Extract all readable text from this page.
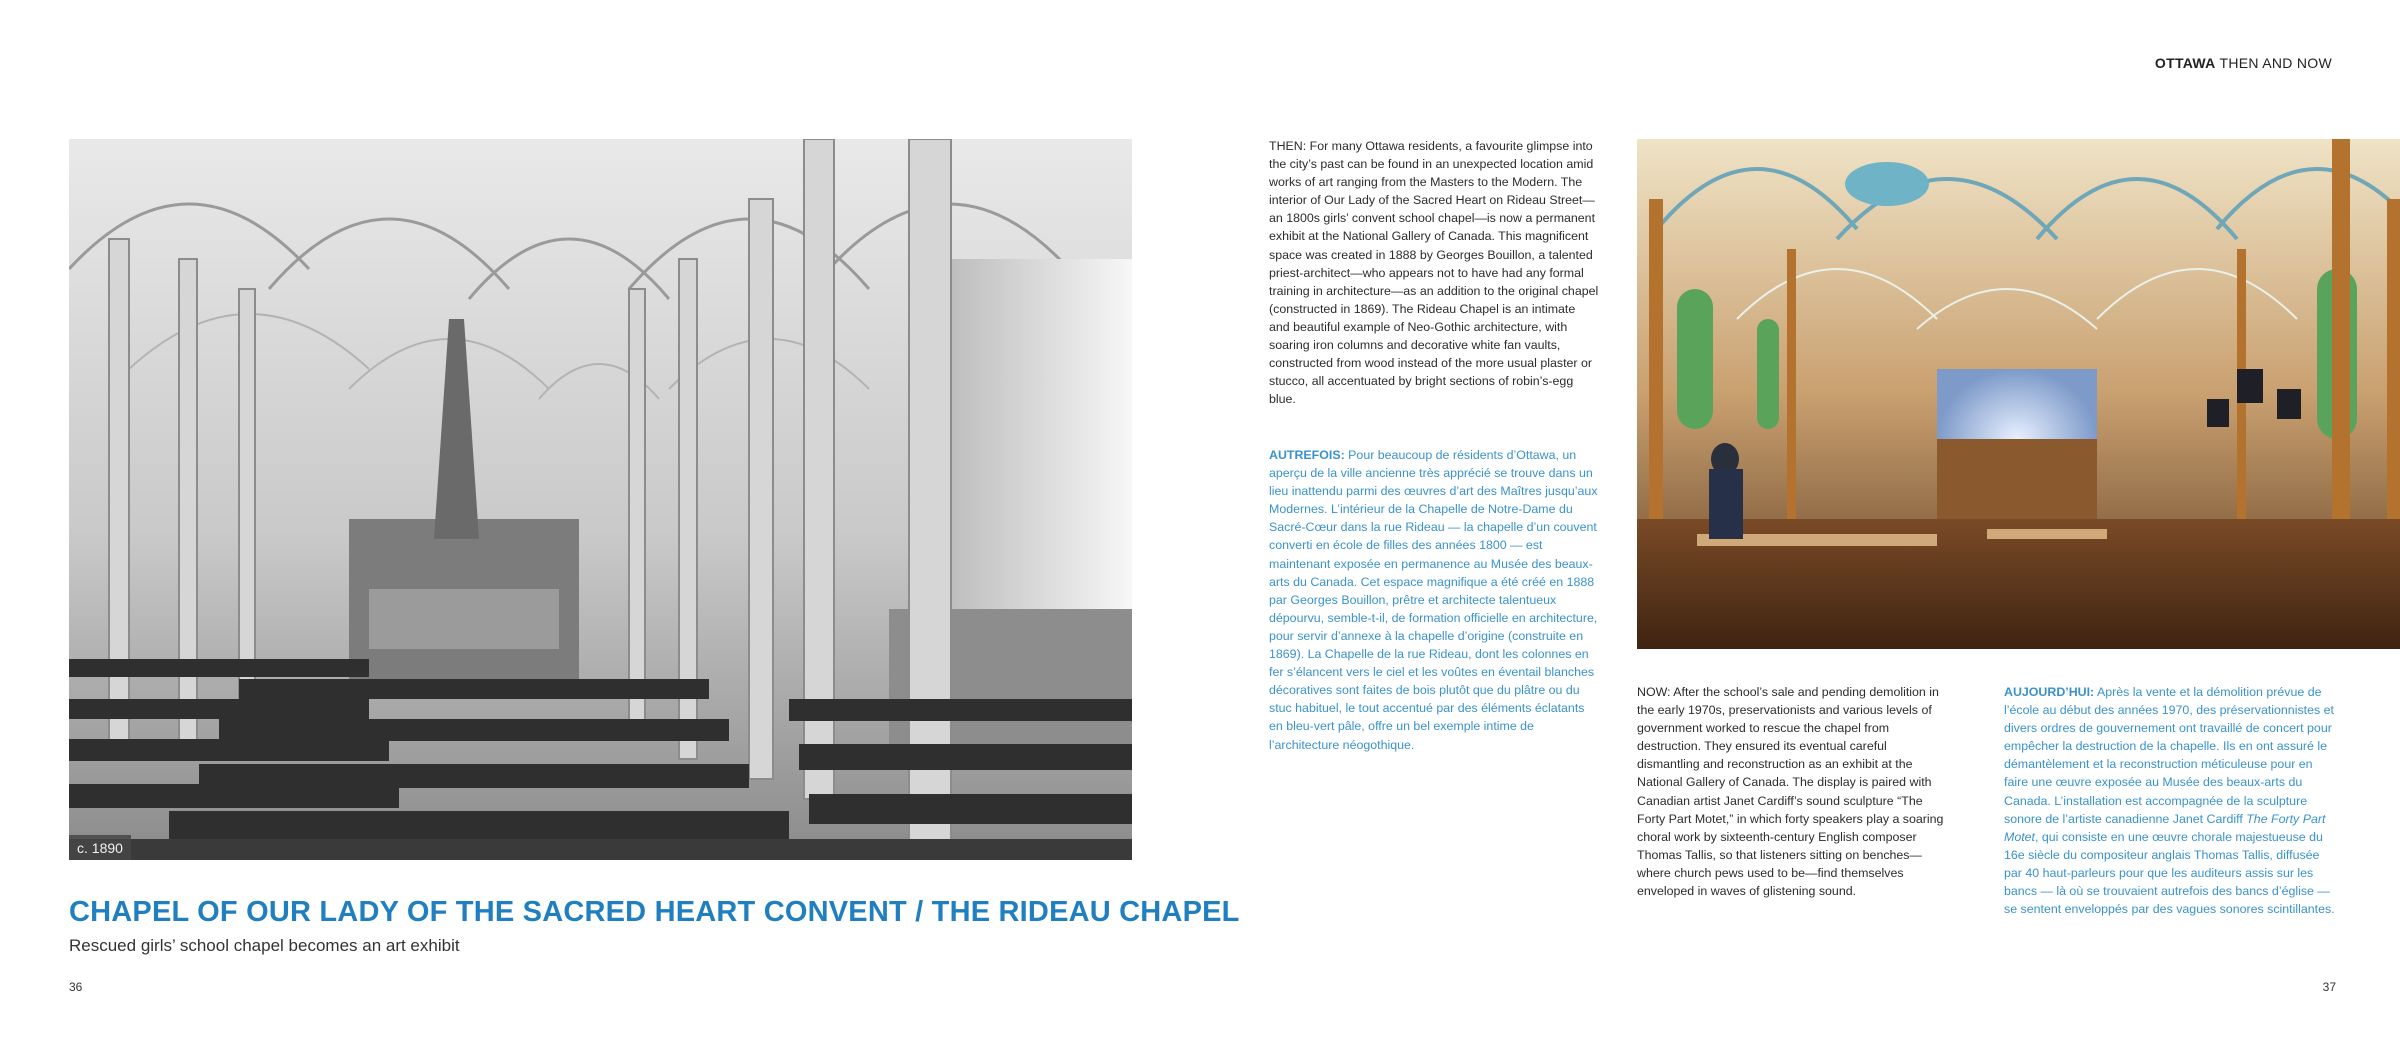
c. 1890
CHAPEL OF OUR LADY OF THE SACRED HEART CONVENT / THE RIDEAU CHAPEL
Rescued girls’ school chapel becomes an art exhibit
36
OTTAWA THEN AND NOW

THEN: For many Ottawa residents, a favourite glimpse into the city’s past can be found in an unexpected location amid works of art ranging from the Masters to the Modern. The interior of Our Lady of the Sacred Heart on Rideau Street—an 1800s girls’ convent school chapel—is now a permanent exhibit at the National Gallery of Canada. This magnificent space was created in 1888 by Georges Bouillon, a talented priest-architect—who appears not to have had any formal training in architecture—as an addition to the original chapel (constructed in 1869). The Rideau Chapel is an intimate and beautiful example of Neo-Gothic architecture, with soaring iron columns and decorative white fan vaults, constructed from wood instead of the more usual plaster or stucco, all accentuated by bright sections of robin’s-egg blue.

AUTREFOIS: Pour beaucoup de résidents d’Ottawa, un aperçu de la ville ancienne très apprécié se trouve dans un lieu inattendu parmi des œuvres d’art des Maîtres jusqu’aux Modernes. L’intérieur de la Chapelle de Notre-Dame du Sacré-Cœur dans la rue Rideau — la chapelle d’un couvent converti en école de filles des années 1800 — est maintenant exposée en permanence au Musée des beaux-arts du Canada. Cet espace magnifique a été créé en 1888 par Georges Bouillon, prêtre et architecte talentueux dépourvu, semble-t-il, de formation officielle en architecture, pour servir d’annexe à la chapelle d’origine (construite en 1869). La Chapelle de la rue Rideau, dont les colonnes en fer s’élancent vers le ciel et les voûtes en éventail blanches décoratives sont faites de bois plutôt que du plâtre ou du stuc habituel, le tout accentué par des éléments éclatants en bleu-vert pâle, offre un bel exemple intime de l’architecture néogothique.

NOW: After the school’s sale and pending demolition in the early 1970s, preservationists and various levels of government worked to rescue the chapel from destruction. They ensured its eventual careful dismantling and reconstruction as an exhibit at the National Gallery of Canada. The display is paired with Canadian artist Janet Cardiff’s sound sculpture “The Forty Part Motet,” in which forty speakers play a soaring choral work by sixteenth-century English composer Thomas Tallis, so that listeners sitting on benches—where church pews used to be—find themselves enveloped in waves of glistening sound.

AUJOURD’HUI: Après la vente et la démolition prévue de l’école au début des années 1970, des préservationnistes et divers ordres de gouvernement ont travaillé de concert pour empêcher la destruction de la chapelle. Ils en ont assuré le démantèlement et la reconstruction méticuleuse pour en faire une œuvre exposée au Musée des beaux-arts du Canada. L’installation est accompagnée de la sculpture sonore de l’artiste canadienne Janet Cardiff The Forty Part Motet, qui consiste en une œuvre chorale majestueuse du 16e siècle du compositeur anglais Thomas Tallis, diffusée par 40 haut-parleurs pour que les auditeurs assis sur les bancs — là où se trouvaient autrefois des bancs d’église — se sentent enveloppés par des vagues sonores scintillantes.

37
